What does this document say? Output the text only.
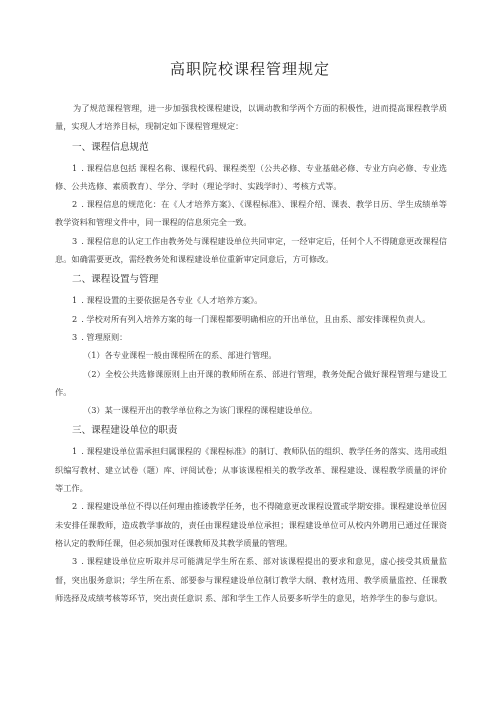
高职院校课程管理规定

为了规范课程管理，进一步加强我校课程建设，以调动教和学两个方面的积极性，进而提高课程教学质量，实现人才培养目标，现制定如下课程管理规定：

一、课程信息规范

1 . 课程信息包括 课程名称、课程代码、课程类型（公共必修、专业基础必修、专业方向必修、专业选修、公共选修、素质教育）、学分、学时（理论学时、实践学时）、考核方式等。

2 . 课程信息的规范化：在《人才培养方案》、《课程标准》、课程介绍、课表、教学日历、学生成绩单等教学资料和管理文件中，同一课程的信息须完全一致。

3 . 课程信息的认定工作由教务处与课程建设单位共同审定，一经审定后，任何个人不得随意更改课程信息。如确需要更改，需经教务处和课程建设单位重新审定同意后，方可修改。

二、课程设置与管理

1 . 课程设置的主要依据是各专业《人才培养方案》。

2 . 学校对所有列入培养方案的每一门课程都要明确相应的开出单位，且由系、部安排课程负责人。

3 . 管理原则：

（1）各专业课程一般由课程所在的系、部进行管理。

（2）全校公共选修课原则上由开课的教师所在系、部进行管理，教务处配合做好课程管理与建设工作。

（3）某一课程开出的教学单位称之为该门课程的课程建设单位。

三、课程建设单位的职责

1 . 课程建设单位需承担归属课程的《课程标准》的制订、教师队伍的组织、教学任务的落实、选用或组织编写教材、建立试卷（题）库、评阅试卷；从事该课程相关的教学改革、课程建设、课程教学质量的评价等工作。

2 . 课程建设单位不得以任何理由推诿教学任务，也不得随意更改课程设置或学期安排。课程建设单位因未安排任课教师，造成教学事故的，责任由课程建设单位承担；课程建设单位可从校内外聘用已通过任课资格认定的教师任课，但必须加强对任课教师及其教学质量的管理。

3 . 课程建设单位应听取并尽可能满足学生所在系、部对该课程提出的要求和意见，虚心接受其质量监督，突出服务意识；学生所在系、部要参与课程建设单位制订教学大纲、教材选用、教学质量监控、任课教师选择及成绩考核等环节，突出责任意识 系、部和学生工作人员要多听学生的意见，培养学生的参与意识。
